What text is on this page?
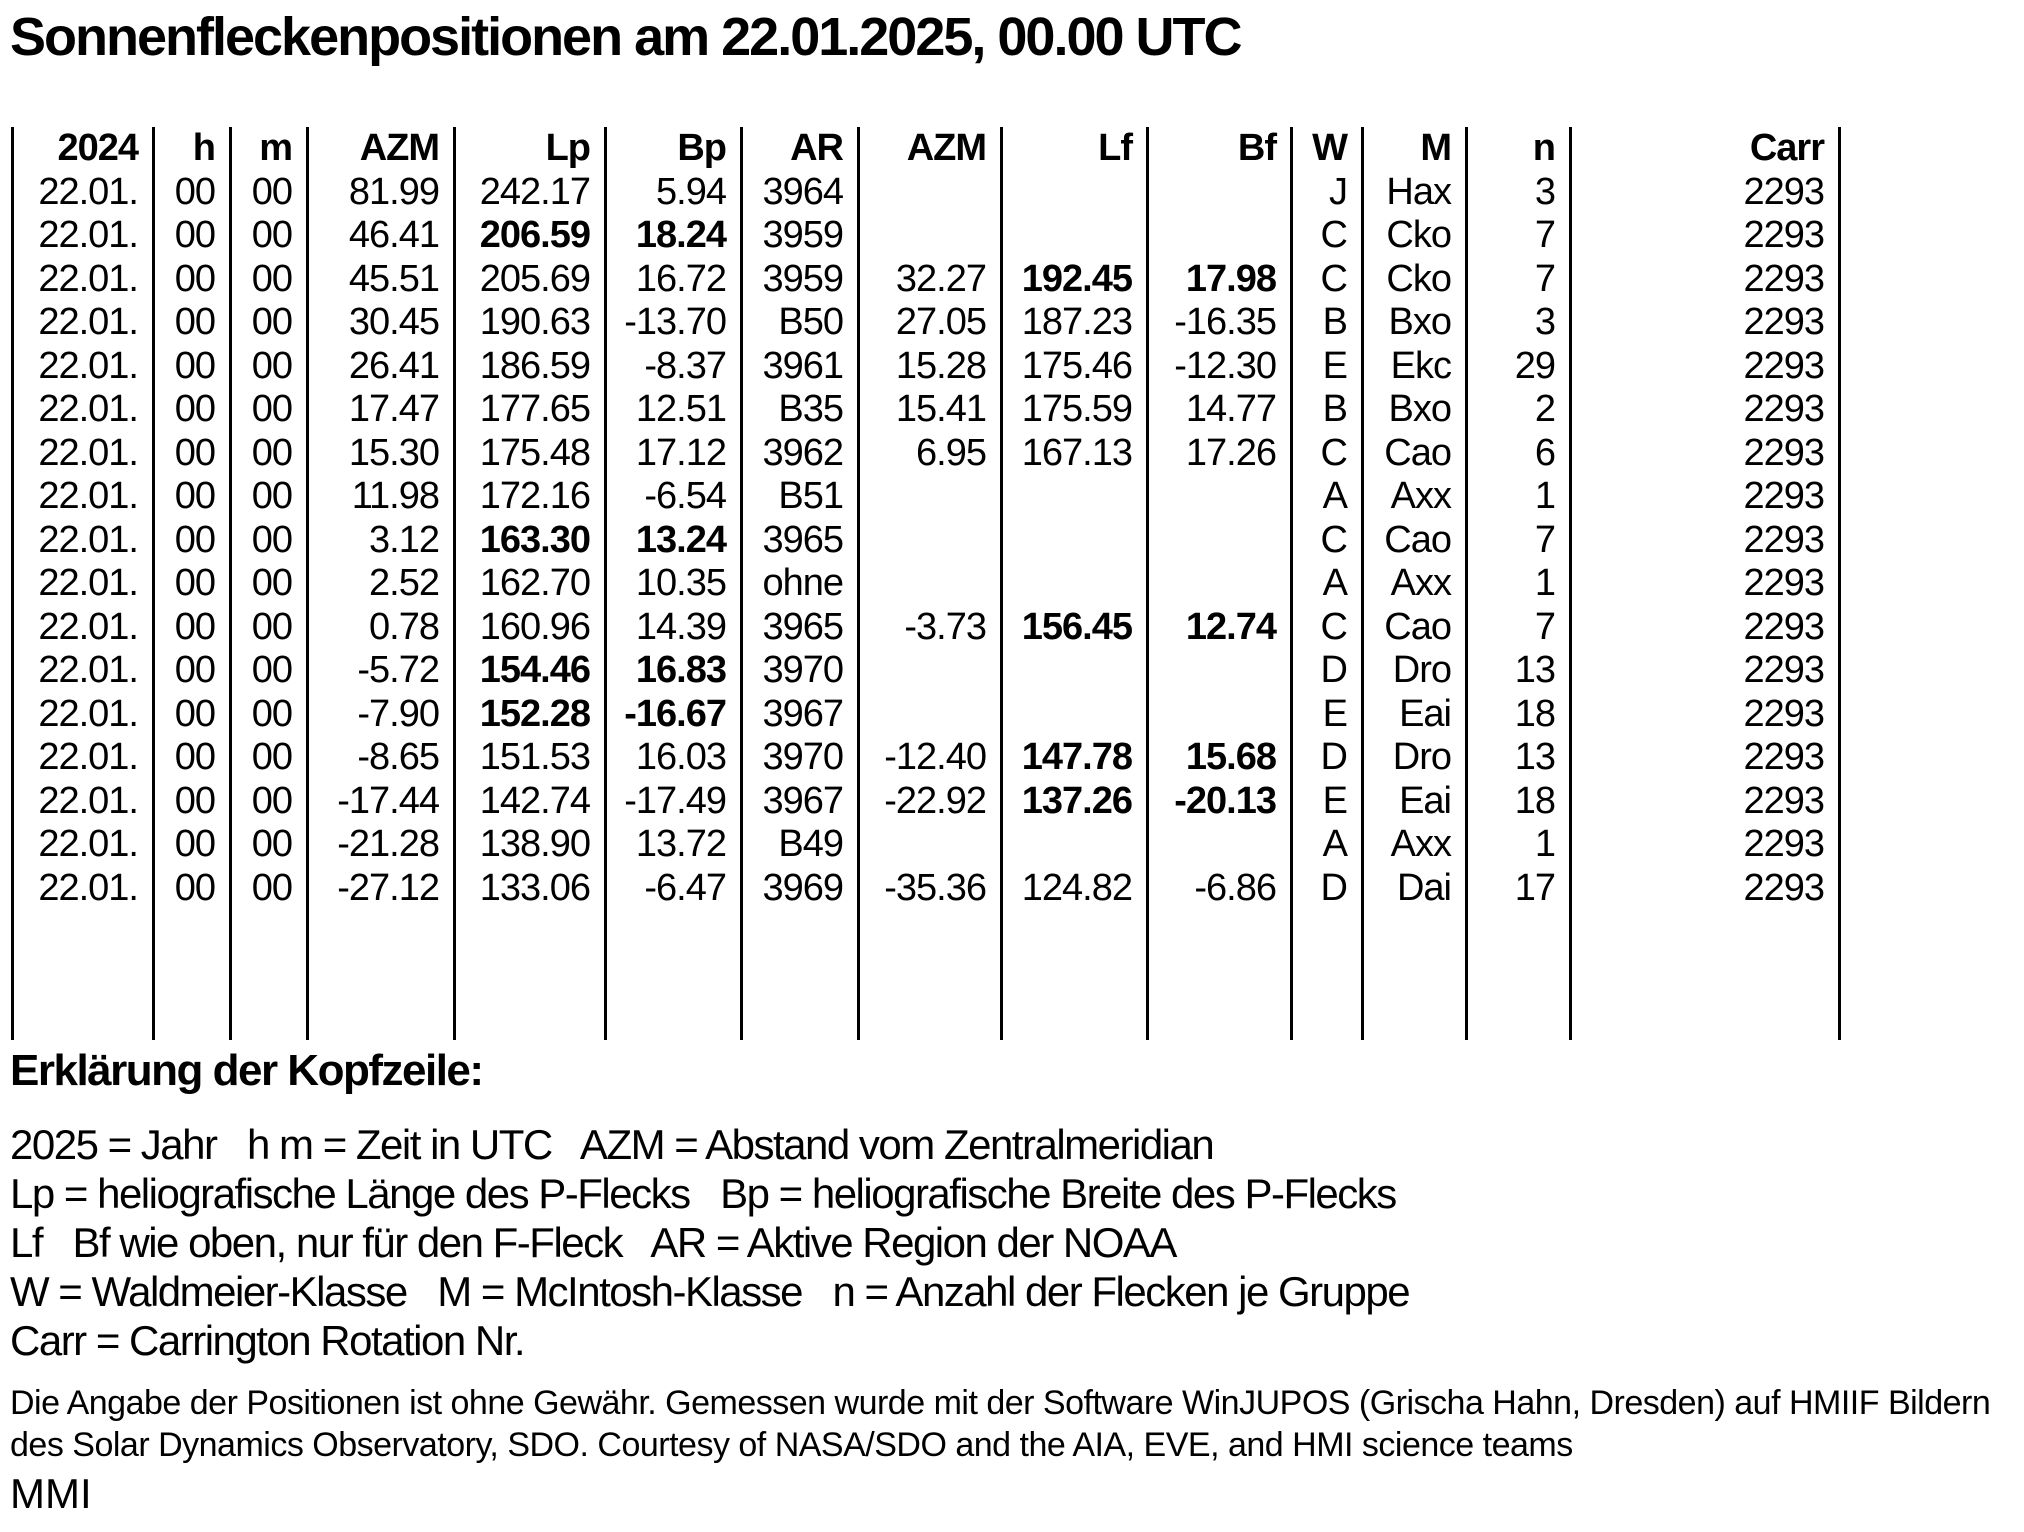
Sonnenfleckenpositionen am 22.01.2025, 00.00 UTC
2024	h	m	AZM	Lp	Bp	AR	AZM	Lf	Bf	W	M	n	Carr
22.01.	00	00	81.99	242.17	5.94	3964				J	Hax	3	2293
22.01.	00	00	46.41	206.59	18.24	3959				C	Cko	7	2293
22.01.	00	00	45.51	205.69	16.72	3959	32.27	192.45	17.98	C	Cko	7	2293
22.01.	00	00	30.45	190.63	-13.70	B50	27.05	187.23	-16.35	B	Bxo	3	2293
22.01.	00	00	26.41	186.59	-8.37	3961	15.28	175.46	-12.30	E	Ekc	29	2293
22.01.	00	00	17.47	177.65	12.51	B35	15.41	175.59	14.77	B	Bxo	2	2293
22.01.	00	00	15.30	175.48	17.12	3962	6.95	167.13	17.26	C	Cao	6	2293
22.01.	00	00	11.98	172.16	-6.54	B51				A	Axx	1	2293
22.01.	00	00	3.12	163.30	13.24	3965				C	Cao	7	2293
22.01.	00	00	2.52	162.70	10.35	ohne				A	Axx	1	2293
22.01.	00	00	0.78	160.96	14.39	3965	-3.73	156.45	12.74	C	Cao	7	2293
22.01.	00	00	-5.72	154.46	16.83	3970				D	Dro	13	2293
22.01.	00	00	-7.90	152.28	-16.67	3967				E	Eai	18	2293
22.01.	00	00	-8.65	151.53	16.03	3970	-12.40	147.78	15.68	D	Dro	13	2293
22.01.	00	00	-17.44	142.74	-17.49	3967	-22.92	137.26	-20.13	E	Eai	18	2293
22.01.	00	00	-21.28	138.90	13.72	B49				A	Axx	1	2293
22.01.	00	00	-27.12	133.06	-6.47	3969	-35.36	124.82	-6.86	D	Dai	17	2293

Erklärung der Kopfzeile:
2025 = Jahr   h m = Zeit in UTC   AZM = Abstand vom Zentralmeridian
Lp = heliografische Länge des P-Flecks   Bp = heliografische Breite des P-Flecks
Lf   Bf wie oben, nur für den F-Fleck   AR = Aktive Region der NOAA
W = Waldmeier-Klasse   M = McIntosh-Klasse   n = Anzahl der Flecken je Gruppe
Carr = Carrington Rotation Nr.
Die Angabe der Positionen ist ohne Gewähr. Gemessen wurde mit der Software WinJUPOS (Grischa Hahn, Dresden) auf HMIIF Bildern
des Solar Dynamics Observatory, SDO. Courtesy of NASA/SDO and the AIA, EVE, and HMI science teams
MMI
